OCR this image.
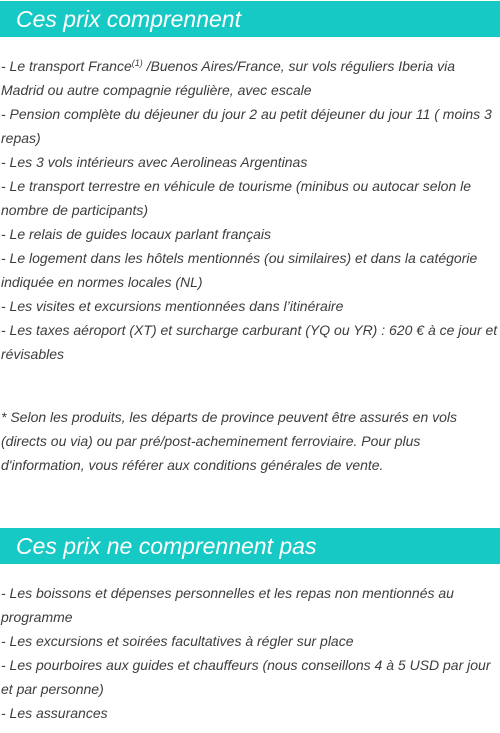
Ces prix comprennent

- Le transport France$^{(1)}$ /Buenos Aires/France, sur vols réguliers Iberia via Madrid ou autre compagnie régulière, avec escale

- Pension complète du déjeuner du jour 2 au petit déjeuner du jour 11 ( moins 3 repas)

- Les 3 vols intérieurs avec Aerolineas Argentinas

- Le transport terrestre en véhicule de tourisme (minibus ou autocar selon le nombre de participants)

- Le relais de guides locaux parlant français

- Le logement dans les hôtels mentionnés (ou similaires) et dans la catégorie indiquée en normes locales (NL)

- Les visites et excursions mentionnées dans l’itinéraire

- Les taxes aéroport (XT) et surcharge carburant (YQ ou YR) : 620 € à ce jour et révisables

* Selon les produits, les départs de province peuvent être assurés en vols (directs ou via) ou par pré/post-acheminement ferroviaire. Pour plus d'information, vous référer aux conditions générales de vente.

Ces prix ne comprennent pas

- Les boissons et dépenses personnelles et les repas non mentionnés au programme

- Les excursions et soirées facultatives à régler sur place

- Les pourboires aux guides et chauffeurs (nous conseillons 4 à 5 USD par jour et par personne)

- Les assurances
